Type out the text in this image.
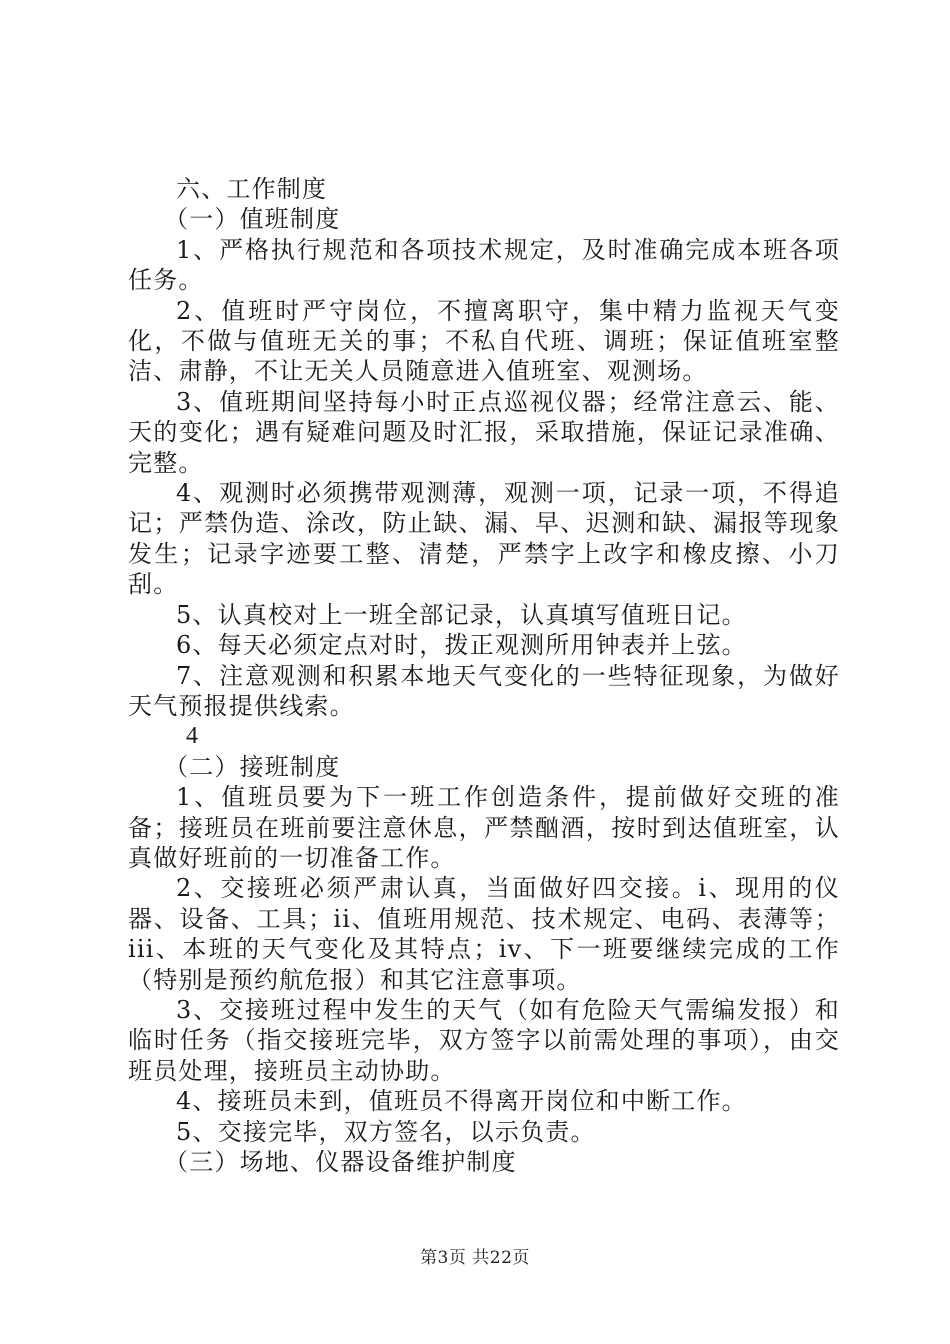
六、工作制度

（一）值班制度

1、严格执行规范和各项技术规定，及时准确完成本班各项任务。

2、值班时严守岗位，不擅离职守，集中精力监视天气变化，不做与值班无关的事；不私自代班、调班；保证值班室整洁、肃静，不让无关人员随意进入值班室、观测场。

3、值班期间坚持每小时正点巡视仪器；经常注意云、能、天的变化；遇有疑难问题及时汇报，采取措施，保证记录准确、完整。

4、观测时必须携带观测薄，观测一项，记录一项，不得追记；严禁伪造、涂改，防止缺、漏、早、迟测和缺、漏报等现象发生；记录字迹要工整、清楚，严禁字上改字和橡皮擦、小刀刮。

5、认真校对上一班全部记录，认真填写值班日记。

6、每天必须定点对时，拨正观测所用钟表并上弦。

7、注意观测和积累本地天气变化的一些特征现象，为做好天气预报提供线索。

4

（二）接班制度

1、值班员要为下一班工作创造条件，提前做好交班的准备；接班员在班前要注意休息，严禁酗酒，按时到达值班室，认真做好班前的一切准备工作。

2、交接班必须严肃认真，当面做好四交接。i、现用的仪器、设备、工具；ii、值班用规范、技术规定、电码、表薄等；iii、本班的天气变化及其特点；iv、下一班要继续完成的工作（特别是预约航危报）和其它注意事项。

3、交接班过程中发生的天气（如有危险天气需编发报）和临时任务（指交接班完毕，双方签字以前需处理的事项），由交班员处理，接班员主动协助。

4、接班员未到，值班员不得离开岗位和中断工作。

5、交接完毕，双方签名，以示负责。

（三）场地、仪器设备维护制度

第3页 共22页
